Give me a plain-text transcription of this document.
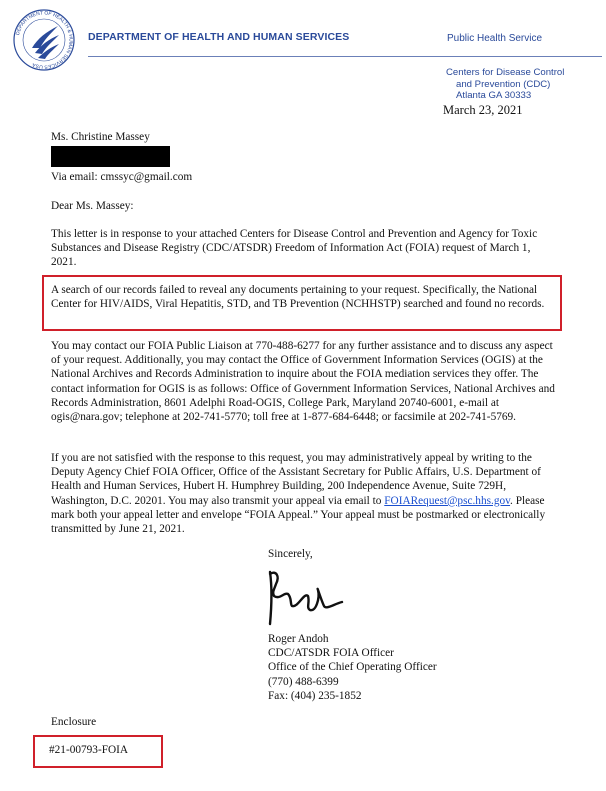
DEPARTMENT OF HEALTH & HUMAN SERVICES USA
DEPARTMENT OF HEALTH AND HUMAN SERVICES	Public Health Service
Centers for Disease Control
and Prevention (CDC)
Atlanta GA 30333
March 23, 2021
Ms. Christine Massey
Via email: cmssyc@gmail.com
Dear Ms. Massey:
This letter is in response to your attached Centers for Disease Control and Prevention and Agency for Toxic Substances and Disease Registry (CDC/ATSDR) Freedom of Information Act (FOIA) request of March 1, 2021.
A search of our records failed to reveal any documents pertaining to your request. Specifically, the National Center for HIV/AIDS, Viral Hepatitis, STD, and TB Prevention (NCHHSTP) searched and found no records.
You may contact our FOIA Public Liaison at 770-488-6277 for any further assistance and to discuss any aspect of your request. Additionally, you may contact the Office of Government Information Services (OGIS) at the National Archives and Records Administration to inquire about the FOIA mediation services they offer. The contact information for OGIS is as follows: Office of Government Information Services, National Archives and Records Administration, 8601 Adelphi Road-OGIS, College Park, Maryland 20740-6001, e-mail at ogis@nara.gov; telephone at 202-741-5770; toll free at 1-877-684-6448; or facsimile at 202-741-5769.
If you are not satisfied with the response to this request, you may administratively appeal by writing to the Deputy Agency Chief FOIA Officer, Office of the Assistant Secretary for Public Affairs, U.S. Department of Health and Human Services, Hubert H. Humphrey Building, 200 Independence Avenue, Suite 729H, Washington, D.C. 20201. You may also transmit your appeal via email to FOIARequest@psc.hhs.gov. Please mark both your appeal letter and envelope “FOIA Appeal.” Your appeal must be postmarked or electronically transmitted by June 21, 2021.
Sincerely,
Roger Andoh
CDC/ATSDR FOIA Officer
Office of the Chief Operating Officer
(770) 488-6399
Fax: (404) 235-1852
Enclosure
#21-00793-FOIA
